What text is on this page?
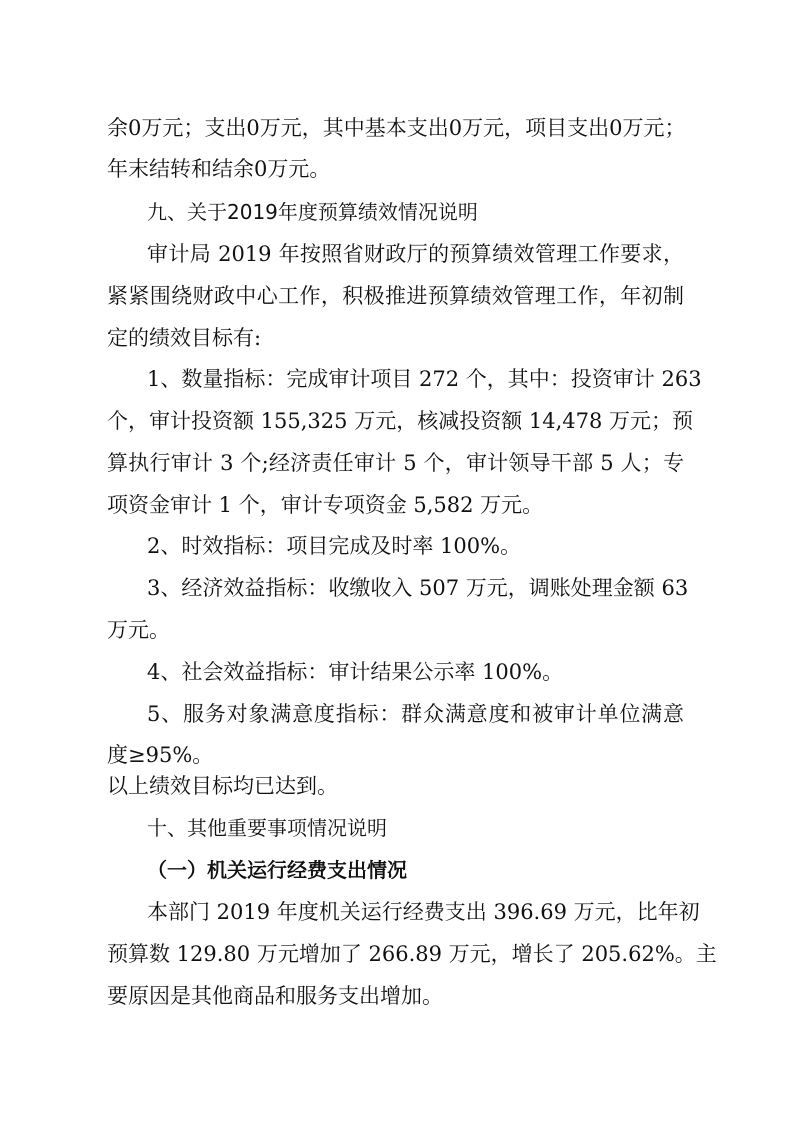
余0万元；支出0万元，其中基本支出0万元，项目支出0万元；
年末结转和结余0万元。
九、关于2019年度预算绩效情况说明
审计局 2019 年按照省财政厅的预算绩效管理工作要求，
紧紧围绕财政中心工作，积极推进预算绩效管理工作，年初制
定的绩效目标有:
1、数量指标：完成审计项目 272 个，其中：投资审计 263
个，审计投资额 155,325 万元，核减投资额 14,478 万元；预
算执行审计 3 个;经济责任审计 5 个，审计领导干部 5 人；专
项资金审计 1 个，审计专项资金 5,582 万元。
2、时效指标：项目完成及时率 100%。
3、经济效益指标：收缴收入 507 万元，调账处理金额 63
万元。
4、社会效益指标：审计结果公示率 100%。
5、服务对象满意度指标：群众满意度和被审计单位满意
度≥95%。
以上绩效目标均已达到。
十、其他重要事项情况说明
（一）机关运行经费支出情况
本部门 2019 年度机关运行经费支出 396.69 万元，比年初
预算数 129.80 万元增加了 266.89 万元，增长了 205.62%。主
要原因是其他商品和服务支出增加。
